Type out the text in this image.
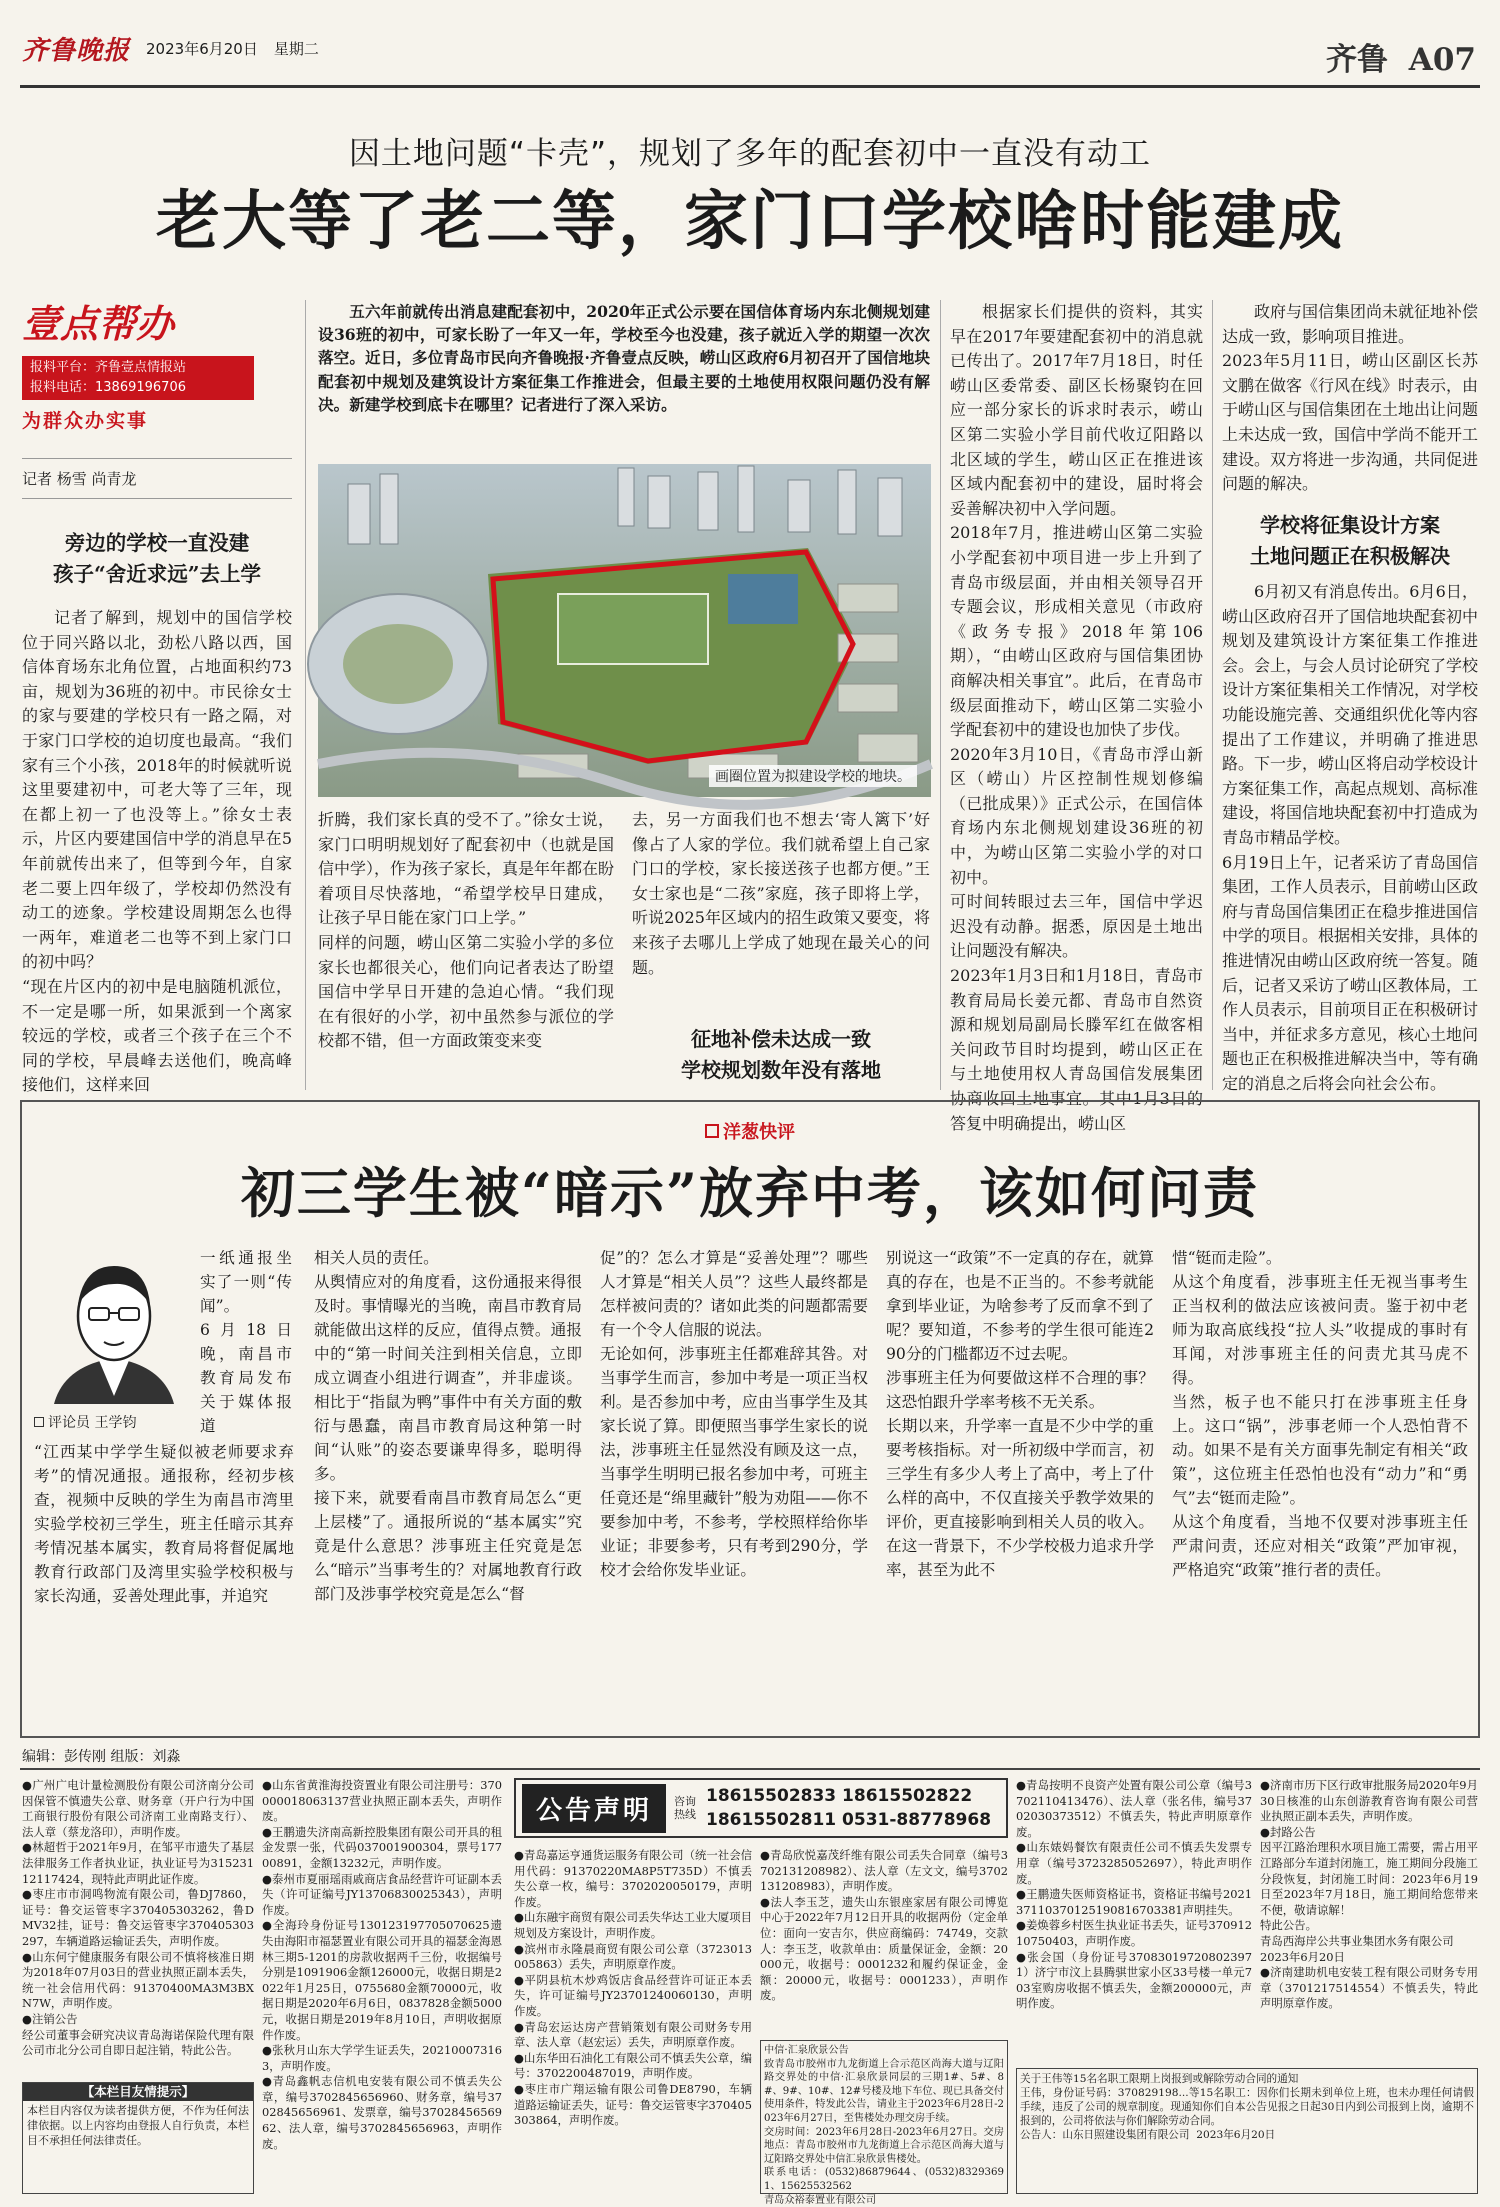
齐鲁晚报 2023年6月20日 星期二	齐鲁 A07
因土地问题“卡壳”，规划了多年的配套初中一直没有动工
老大等了老二等，家门口学校啥时能建成
壹点帮办
报料平台：齐鲁壹点情报站
报料电话：13869196706
为群众办实事
记者 杨雪 尚青龙
五六年前就传出消息建配套初中，2020年正式公示要在国信体育场内东北侧规划建设36班的初中，可家长盼了一年又一年，学校至今也没建，孩子就近入学的期望一次次落空。近日，多位青岛市民向齐鲁晚报·齐鲁壹点反映，崂山区政府6月初召开了国信地块配套初中规划及建筑设计方案征集工作推进会，但最主要的土地使用权限问题仍没有解决。新建学校到底卡在哪里？记者进行了深入采访。
画圈位置为拟建设学校的地块。
旁边的学校一直没建
孩子“舍近求远”去上学
记者了解到，规划中的国信学校位于同兴路以北，劲松八路以西，国信体育场东北角位置，占地面积约73亩，规划为36班的初中。市民徐女士的家与要建的学校只有一路之隔，对于家门口学校的迫切度也最高。“我们家有三个小孩，2018年的时候就听说这里要建初中，可老大等了三年，现在都上初一了也没等上。”徐女士表示，片区内要建国信中学的消息早在5年前就传出来了，但等到今年，自家老二要上四年级了，学校却仍然没有动工的迹象。学校建设周期怎么也得一两年，难道老二也等不到上家门口的初中吗？
“现在片区内的初中是电脑随机派位，不一定是哪一所，如果派到一个离家较远的学校，或者三个孩子在三个不同的学校，早晨峰去送他们，晚高峰接他们，这样来回
折腾，我们家长真的受不了。”徐女士说，家门口明明规划好了配套初中（也就是国信中学），作为孩子家长，真是年年都在盼着项目尽快落地，“希望学校早日建成，让孩子早日能在家门口上学。”
同样的问题，崂山区第二实验小学的多位家长也都很关心，他们向记者表达了盼望国信中学早日开建的急迫心情。“我们现在有很好的小学，初中虽然参与派位的学校都不错，但一方面政策变来变
去，另一方面我们也不想去‘寄人篱下’好像占了人家的学位。我们就希望上自己家门口的学校，家长接送孩子也都方便。”王女士家也是“二孩”家庭，孩子即将上学，听说2025年区域内的招生政策又要变，将来孩子去哪儿上学成了她现在最关心的问题。
征地补偿未达成一致
学校规划数年没有落地
根据家长们提供的资料，其实早在2017年要建配套初中的消息就已传出了。2017年7月18日，时任崂山区委常委、副区长杨聚钧在回应一部分家长的诉求时表示，崂山区第二实验小学目前代收辽阳路以北区域的学生，崂山区正在推进该区域内配套初中的建设，届时将会妥善解决初中入学问题。
2018年7月，推进崂山区第二实验小学配套初中项目进一步上升到了青岛市级层面，并由相关领导召开专题会议，形成相关意见（市政府《政务专报》2018年第106期），“由崂山区政府与国信集团协商解决相关事宜”。此后，在青岛市级层面推动下，崂山区第二实验小学配套初中的建设也加快了步伐。
2020年3月10日，《青岛市浮山新区（崂山）片区控制性规划修编（已批成果）》正式公示，在国信体育场内东北侧规划建设36班的初中，为崂山区第二实验小学的对口初中。
可时间转眼过去三年，国信中学迟迟没有动静。据悉，原因是土地出让问题没有解决。
2023年1月3日和1月18日，青岛市教育局局长姜元都、青岛市自然资源和规划局副局长滕军红在做客相关问政节目时均提到，崂山区正在与土地使用权人青岛国信发展集团协商收回土地事宜。其中1月3日的答复中明确提出，崂山区
政府与国信集团尚未就征地补偿达成一致，影响项目推进。
2023年5月11日，崂山区副区长苏文鹏在做客《行风在线》时表示，由于崂山区与国信集团在土地出让问题上未达成一致，国信中学尚不能开工建设。双方将进一步沟通，共同促进问题的解决。
学校将征集设计方案
土地问题正在积极解决
6月初又有消息传出。6月6日，崂山区政府召开了国信地块配套初中规划及建筑设计方案征集工作推进会。会上，与会人员讨论研究了学校设计方案征集相关工作情况，对学校功能设施完善、交通组织优化等内容提出了工作建议，并明确了推进思路。下一步，崂山区将启动学校设计方案征集工作，高起点规划、高标准建设，将国信地块配套初中打造成为青岛市精品学校。
6月19日上午，记者采访了青岛国信集团，工作人员表示，目前崂山区政府与青岛国信集团正在稳步推进国信中学的项目。根据相关安排，具体的推进情况由崂山区政府统一答复。随后，记者又采访了崂山区教体局，工作人员表示，目前项目正在积极研讨当中，并征求多方意见，核心土地问题也正在积极推进解决当中，等有确定的消息之后将会向社会公布。
洋葱快评
初三学生被“暗示”放弃中考，该如何问责
评论员 王学钧
一纸通报坐实了一则“传闻”。
6月18日晚，南昌市教育局发布关于媒体报道
“江西某中学学生疑似被老师要求弃考”的情况通报。通报称，经初步核查，视频中反映的学生为南昌市湾里实验学校初三学生，班主任暗示其弃考情况基本属实，教育局将督促属地教育行政部门及湾里实验学校积极与家长沟通，妥善处理此事，并追究
相关人员的责任。
从舆情应对的角度看，这份通报来得很及时。事情曝光的当晚，南昌市教育局就能做出这样的反应，值得点赞。通报中的“第一时间关注到相关信息，立即成立调查小组进行调查”，并非虚谈。相比于“指鼠为鸭”事件中有关方面的敷衍与愚蠢，南昌市教育局这种第一时间“认账”的姿态要谦卑得多，聪明得多。
接下来，就要看南昌市教育局怎么“更上层楼”了。通报所说的“基本属实”究竟是什么意思？涉事班主任究竟是怎么“暗示”当事考生的？对属地教育行政部门及涉事学校究竟是怎么“督
促”的？怎么才算是“妥善处理”？哪些人才算是“相关人员”？这些人最终都是怎样被问责的？诸如此类的问题都需要有一个令人信服的说法。
无论如何，涉事班主任都难辞其咎。对当事学生而言，参加中考是一项正当权利。是否参加中考，应由当事学生及其家长说了算。即便照当事学生家长的说法，涉事班主任显然没有顾及这一点，当事学生明明已报名参加中考，可班主任竟还是“绵里藏针”般为劝阻——你不要参加中考，不参考，学校照样给你毕业证；非要参考，只有考到290分，学校才会给你发毕业证。
别说这一“政策”不一定真的存在，就算真的存在，也是不正当的。不参考就能拿到毕业证，为啥参考了反而拿不到了呢？要知道，不参考的学生很可能连290分的门槛都迈不过去呢。
涉事班主任为何要做这样不合理的事？这恐怕跟升学率考核不无关系。
长期以来，升学率一直是不少中学的重要考核指标。对一所初级中学而言，初三学生有多少人考上了高中，考上了什么样的高中，不仅直接关乎教学效果的评价，更直接影响到相关人员的收入。在这一背景下，不少学校极力追求升学率，甚至为此不
惜“铤而走险”。
从这个角度看，涉事班主任无视当事考生正当权利的做法应该被问责。鉴于初中老师为取高底线投“拉人头”收提成的事时有耳闻，对涉事班主任的问责尤其马虎不得。
当然，板子也不能只打在涉事班主任身上。这口“锅”，涉事老师一个人恐怕背不动。如果不是有关方面事先制定有相关“政策”，这位班主任恐怕也没有“动力”和“勇气”去“铤而走险”。
从这个角度看，当地不仅要对涉事班主任严肃问责，还应对相关“政策”严加审视，严格追究“政策”推行者的责任。
编辑：彭传刚 组版：刘淼
●广州广电计量检测股份有限公司济南分公司因保管不慎遗失公章、财务章（开户行为中国工商银行股份有限公司济南工业南路支行）、法人章（蔡龙洛印），声明作废。
●林超哲于2021年9月，在邹平市遗失了基层法律服务工作者执业证，执业证号为31523112117424，现特此声明此证作废。
●枣庄市市洞鸣物流有限公司，鲁DJ7860，证号：鲁交运管枣字370405303262，鲁DMV32挂，证号：鲁交运管枣字370405303297，车辆道路运输证丢失，声明作废。
●山东何宁健康服务有限公司不慎将核准日期为2018年07月03日的营业执照正副本丢失，统一社会信用代码：91370400MA3M3BXN7W，声明作废。
●注销公告
经公司董事会研究决议青岛海诺保险代理有限公司市北分公司自即日起注销，特此公告。
【本栏目友情提示】
本栏目内容仅为读者提供方便，不作为任何法律依据。以上内容均由登报人自行负责，本栏目不承担任何法律责任。
●山东省黄淮海投资置业有限公司注册号：370000018063137营业执照正副本丢失，声明作废。
●王鹏遗失济南高新控股集团有限公司开具的租金发票一张，代码037001900304，票号17700891，金额13232元，声明作废。
●泰州市夏丽瑶雨戚商店食品经营许可证副本丢失（许可证编号JY13706830025343），声明作废。
●全海玲身份证号130123197705070625遗失由海阳市福瑟置业有限公司开具的福瑟金海恩林三期5-1201的房款收据两千三份，收据编号分别是1091906金额126000元，收据日期是2022年1月25日，0755680金额70000元，收据日期是2020年6月6日，0837828金额5000元，收据日期是2019年8月10日，声明收据原件作废。
●张秋月山东大学学生证丢失，202100073163，声明作废。
●青岛鑫帆志信机电安装有限公司不慎丢失公章，编号3702845656960、财务章，编号3702845656961、发票章，编号3702845656962、法人章，编号3702845656963，声明作废。
公告声明	咨询热线
18615502833 18615502822
18615502811 0531-88778968
●青岛嘉运亨通货运服务有限公司（统一社会信用代码：91370220MA8P5T735D）不慎丢失公章一枚，编号：3702020050179，声明作废。
●山东融宇商贸有限公司丢失华达工业大厦项目规划及方案设计，声明作废。
●滨州市永隆晨商贸有限公司公章（3723013005863）丢失，声明原章作废。
●平阴县杭木炒鸡饭店食品经营许可证正本丢失，许可证编号JY23701240060130，声明作废。
●青岛宏运达房产营销策划有限公司财务专用章、法人章（赵宏运）丢失，声明原章作废。
●山东华田石油化工有限公司不慎丢失公章，编号：3702200487019，声明作废。
●枣庄市广翔运输有限公司鲁DE8790，车辆道路运输证丢失，证号：鲁交运管枣字370405303864，声明作废。
●青岛欣悦嘉茂纤维有限公司丢失合同章（编号3702131208982）、法人章（左文文，编号3702131208983），声明作废。
●法人李玉芝，遗失山东银座家居有限公司博览中心于2022年7月12日开具的收据两份（定金单位：面向一安吉尔，供应商编码：74749，交款人：李玉芝，收款单由：质量保证金，金额：20000元，收据号：0001232和履约保证金，金额：20000元，收据号：0001233），声明作废。
中信·汇泉欣景公告
致青岛市胶州市九龙街道上合示范区尚海大道与辽阳路交界处的中信·汇泉欣景同层的三期1#、5#、8#、9#、10#、12#号楼及地下车位、现已具备交付使用条件，特发此公告，请业主于2023年6月28日-2023年6月27日，至售楼处办理交房手续。
交房时间：2023年6月28日-2023年6月27日。交房地点：青岛市胶州市九龙街道上合示范区尚海大道与辽阳路交界处中信汇泉欣景售楼处。
联系电话：(0532)86879644、(0532)83293691、15625532562
青岛众裕泰置业有限公司
●青岛按明不良资产处置有限公司公章（编号3702110413476）、法人章（张名伟，编号3702030373512）不慎丢失，特此声明原章作废。
●山东婊妈餐饮有限责任公司不慎丢失发票专用章（编号3723285052697），特此声明作废。
●王鹏遗失医师资格证书，资格证书编号202137110370125190816703381声明挂失。
●姜焕蓉乡村医生执业证书丢失，证号37091210750403，声明作废。
●张会国（身份证号370830197208023971）济宁市汶上县腾骐世家小区33号楼一单元703室购房收据不慎丢失，金额200000元，声明作废。
●济南市历下区行政审批服务局2020年9月30日核准的山东创游教育咨询有限公司营业执照正副本丢失，声明作废。
●封路公告
因平江路治理积水项目施工需要，需占用平江路部分车道封闭施工，施工期间分段施工分段恢复，封闭施工时间：2023年6月19日至2023年7月18日，施工期间给您带来不便，敬请谅解！
特此公告。
青岛西海岸公共事业集团水务有限公司
2023年6月20日
●济南建助机电安装工程有限公司财务专用章（3701217514554）不慎丢失，特此声明原章作废。
关于王伟等15名名职工限期上岗报到或解除劳动合同的通知
王伟，身份证号码：370829198...等15名职工：因你们长期未到单位上班，也未办理任何请假手续，违反了公司的规章制度。现通知你们自本公告见报之日起30日内到公司报到上岗，逾期不报到的，公司将依法与你们解除劳动合同。
公告人：山东日照建设集团有限公司  2023年6月20日
